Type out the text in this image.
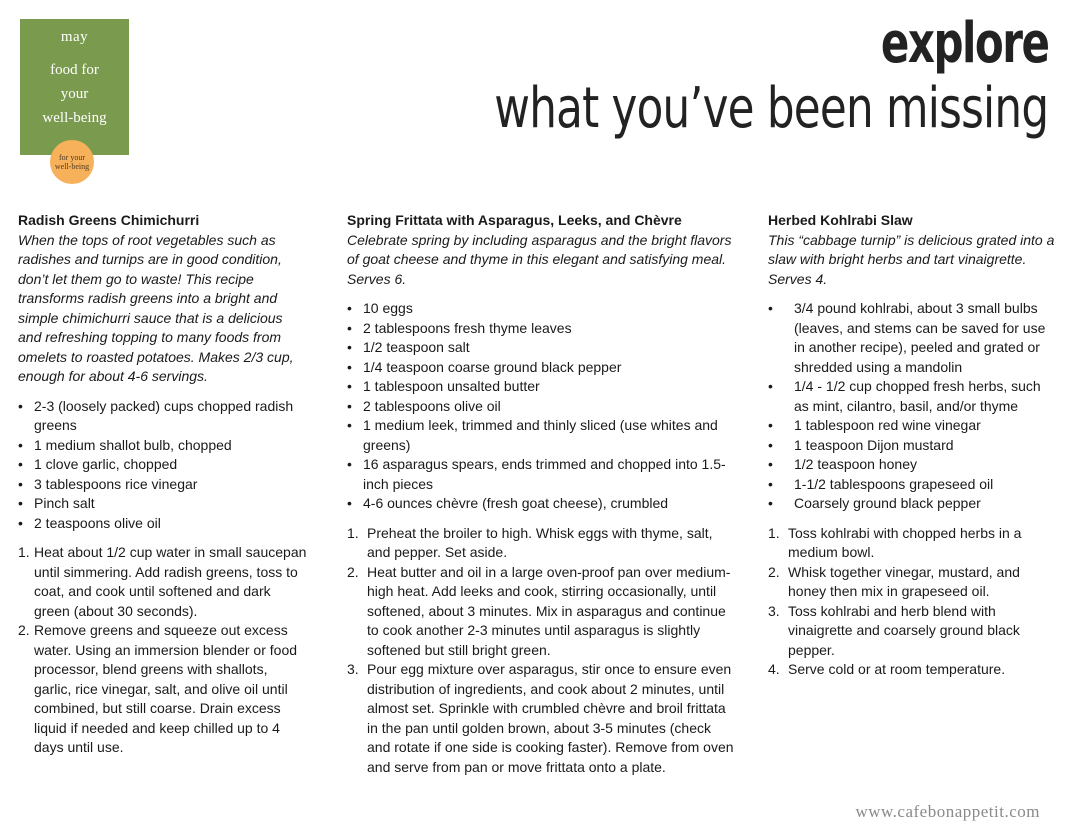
may
food for
your
well-being
for your
well-being
explore
what you’ve been missing

Radish Greens Chimichurri

When the tops of root vegetables such as radishes and turnips are in good condition, don’t let them go to waste! This recipe transforms radish greens into a bright and simple chimichurri sauce that is a delicious and refreshing topping to many foods from omelets to roasted potatoes. Makes 2/3 cup, enough for about 4-6 servings.

• 2-3 (loosely packed) cups chopped radish greens
• 1 medium shallot bulb, chopped
• 1 clove garlic, chopped
• 3 tablespoons rice vinegar
• Pinch salt
• 2 teaspoons olive oil
1. Heat about 1/2 cup water in small saucepan until simmering. Add radish greens, toss to coat, and cook until softened and dark green (about 30 seconds).
2. Remove greens and squeeze out excess water. Using an immersion blender or food processor, blend greens with shallots, garlic, rice vinegar, salt, and olive oil until combined, but still coarse. Drain excess liquid if needed and keep chilled up to 4 days until use.

Spring Frittata with Asparagus, Leeks, and Chèvre

Celebrate spring by including asparagus and the bright flavors of goat cheese and thyme in this elegant and satisfying meal. Serves 6.

• 10 eggs
• 2 tablespoons fresh thyme leaves
• 1/2 teaspoon salt
• 1/4 teaspoon coarse ground black pepper
• 1 tablespoon unsalted butter
• 2 tablespoons olive oil
• 1 medium leek, trimmed and thinly sliced (use whites and greens)
• 16 asparagus spears, ends trimmed and chopped into 1.5-inch pieces
• 4-6 ounces chèvre (fresh goat cheese), crumbled
1. Preheat the broiler to high. Whisk eggs with thyme, salt, and pepper. Set aside.
2. Heat butter and oil in a large oven-proof pan over medium-high heat. Add leeks and cook, stirring occasionally, until softened, about 3 minutes. Mix in asparagus and continue to cook another 2-3 minutes until asparagus is slightly softened but still bright green.
3. Pour egg mixture over asparagus, stir once to ensure even distribution of ingredients, and cook about 2 minutes, until almost set. Sprinkle with crumbled chèvre and broil frittata in the pan until golden brown, about 3-5 minutes (check and rotate if one side is cooking faster). Remove from oven and serve from pan or move frittata onto a plate.

Herbed Kohlrabi Slaw

This “cabbage turnip” is delicious grated into a slaw with bright herbs and tart vinaigrette. Serves 4.

• 3/4 pound kohlrabi, about 3 small bulbs (leaves, and stems can be saved for use in another recipe), peeled and grated or shredded using a mandolin
• 1/4 - 1/2 cup chopped fresh herbs, such as mint, cilantro, basil, and/or thyme
• 1 tablespoon red wine vinegar
• 1 teaspoon Dijon mustard
• 1/2 teaspoon honey
• 1-1/2 tablespoons grapeseed oil
• Coarsely ground black pepper
1. Toss kohlrabi with chopped herbs in a medium bowl.
2. Whisk together vinegar, mustard, and honey then mix in grapeseed oil.
3. Toss kohlrabi and herb blend with vinaigrette and coarsely ground black pepper.
4. Serve cold or at room temperature.
www.cafebonappetit.com
